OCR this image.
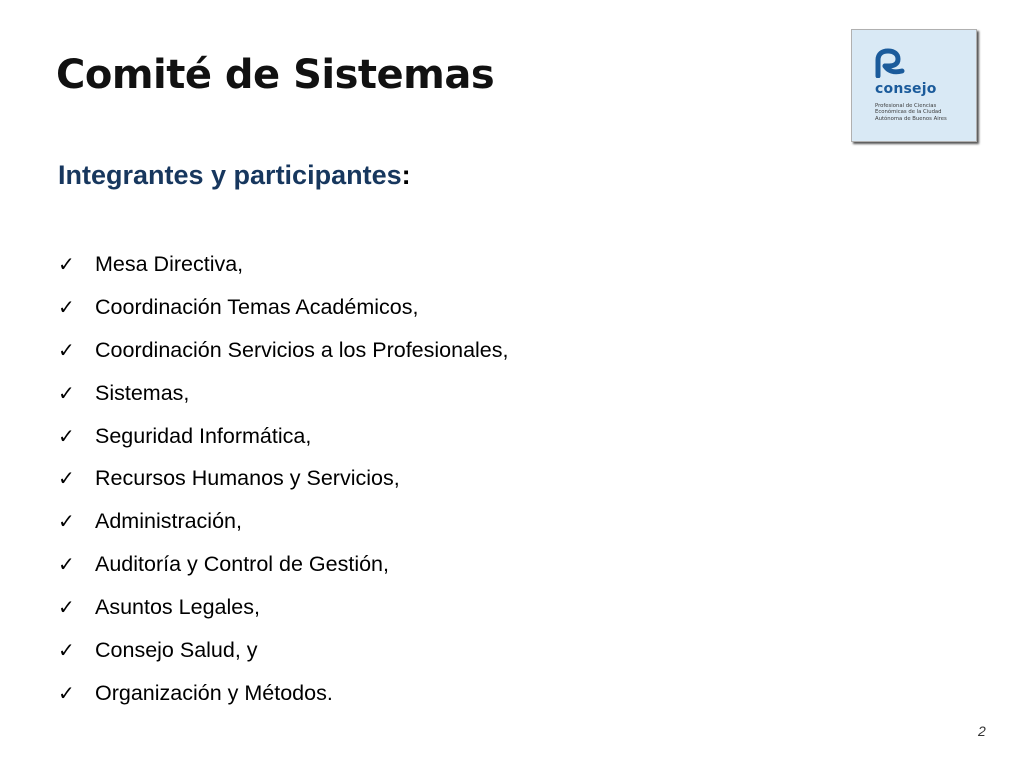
Comité de Sistemas
Integrantes y participantes:
✓ Mesa Directiva,
✓ Coordinación Temas Académicos,
✓ Coordinación Servicios a los Profesionales,
✓ Sistemas,
✓ Seguridad Informática,
✓ Recursos Humanos y Servicios,
✓ Administración,
✓ Auditoría y Control de Gestión,
✓ Asuntos Legales,
✓ Consejo Salud, y
✓ Organización y Métodos.
consejo
Profesional de Ciencias
Económicas de la Ciudad
Autónoma de Buenos Aires
2
